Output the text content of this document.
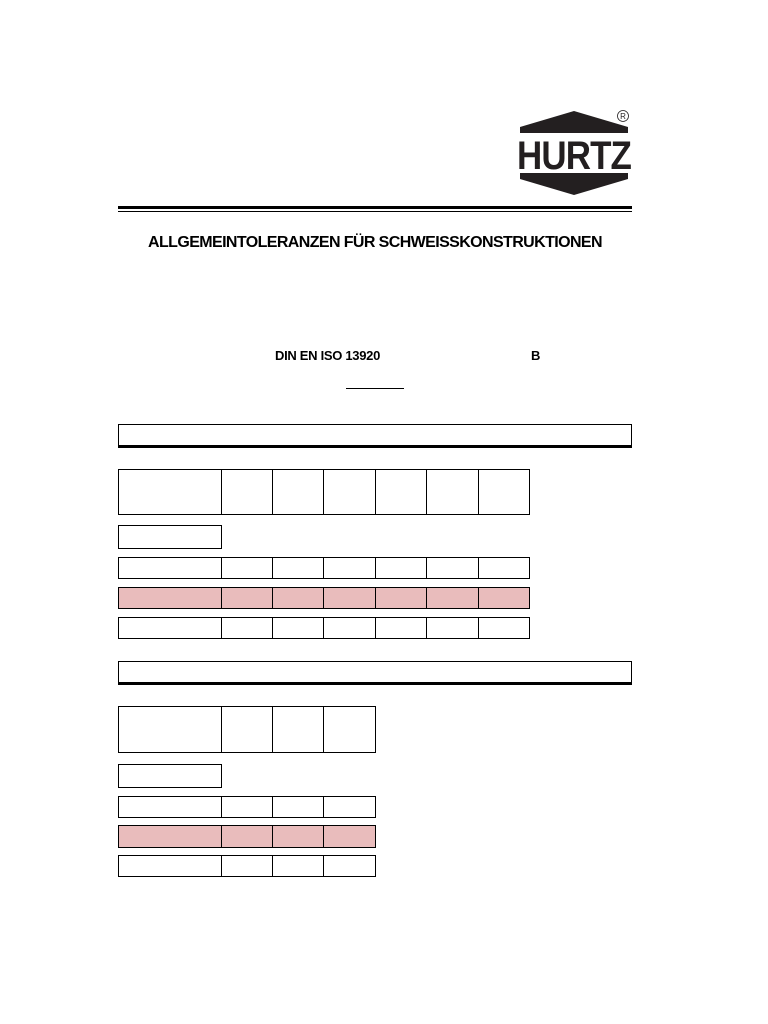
HURTZ
R
ALLGEMEINTOLERANZEN FÜR SCHWEISSKONSTRUKTIONEN
DIN EN ISO 13920	B
